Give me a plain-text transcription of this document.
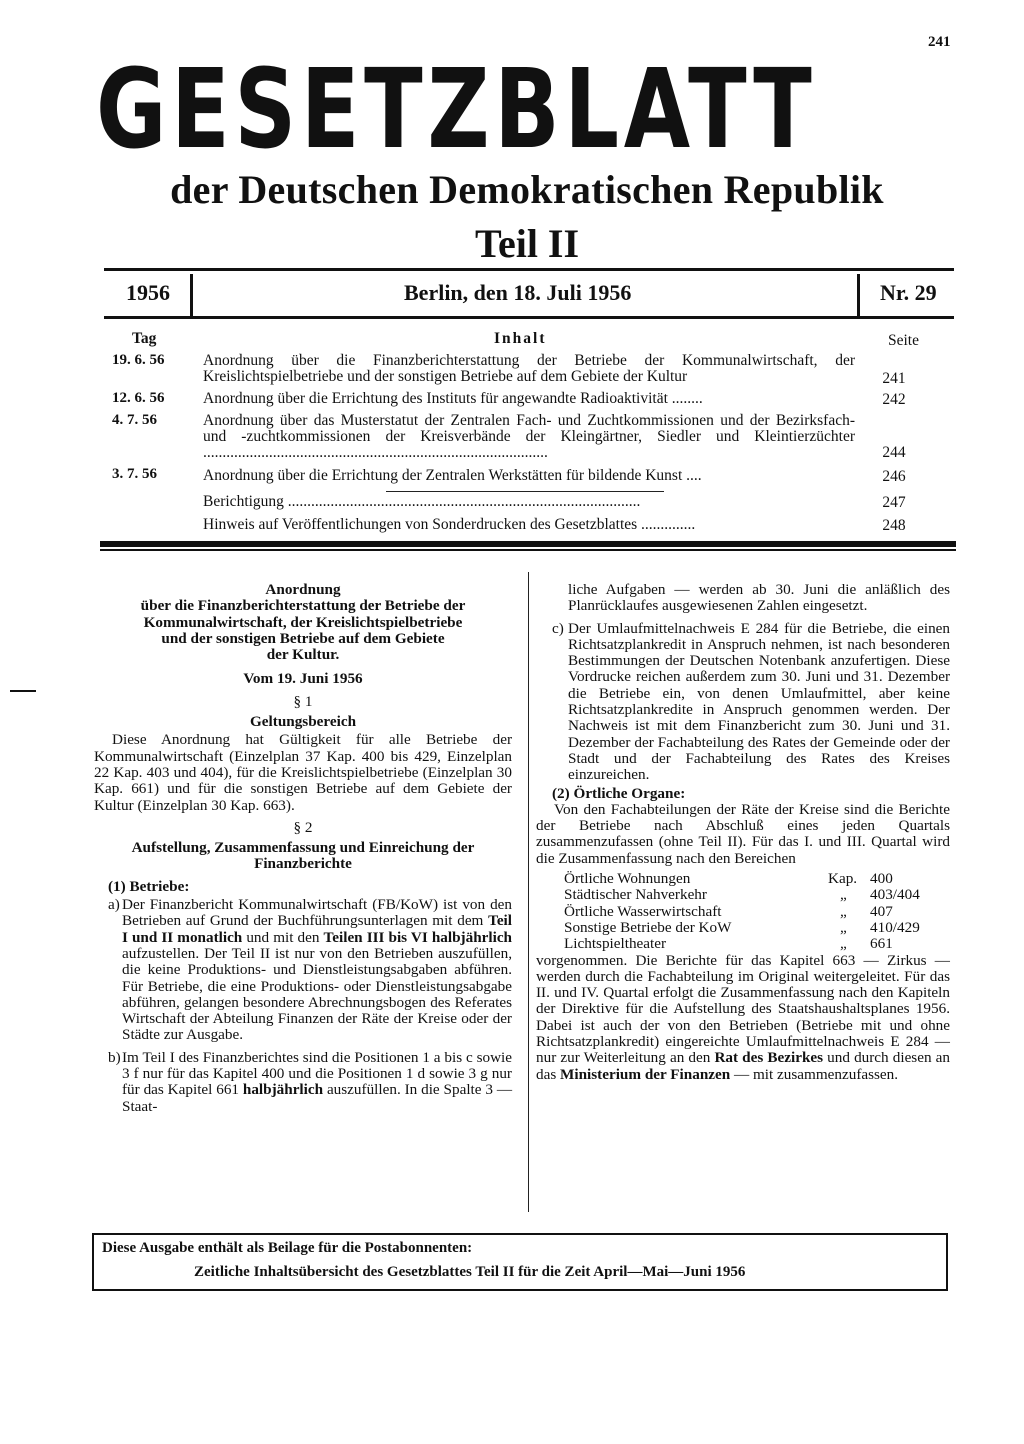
241
GESETZBLATT
der Deutschen Demokratischen Republik
Teil II
1956	Berlin, den 18. Juli 1956	Nr. 29
Tag	Inhalt	Seite
19. 6. 56	Anordnung über die Finanzberichterstattung der Betriebe der Kommunalwirtschaft, der Kreislichtspielbetriebe und der sonstigen Betriebe auf dem Gebiete der Kultur	241
12. 6. 56	Anordnung über die Errichtung des Instituts für angewandte Radioaktivität ........	242
4. 7. 56	Anordnung über das Musterstatut der Zentralen Fach- und Zuchtkommissionen und der Bezirksfach- und -zuchtkommissionen der Kreisverbände der Kleingärtner, Siedler und Kleintierzüchter .........................................................................................	244
3. 7. 56	Anordnung über die Errichtung der Zentralen Werkstätten für bildende Kunst ....	246
Berichtigung ...........................................................................................	247
Hinweis auf Veröffentlichungen von Sonderdrucken des Gesetzblattes ..............	248
Anordnung
über die Finanzberichterstattung der Betriebe der
Kommunalwirtschaft, der Kreislichtspielbetriebe
und der sonstigen Betriebe auf dem Gebiete
der Kultur.
Vom 19. Juni 1956
§ 1
Geltungsbereich
Diese Anordnung hat Gültigkeit für alle Betriebe der Kommunalwirtschaft (Einzelplan 37 Kap. 400 bis 429, Einzelplan 22 Kap. 403 und 404), für die Kreislichtspielbetriebe (Einzelplan 30 Kap. 661) und für die sonstigen Betriebe auf dem Gebiete der Kultur (Einzelplan 30 Kap. 663).
§ 2
Aufstellung, Zusammenfassung und Einreichung der Finanzberichte
(1) Betriebe:
a) Der Finanzbericht Kommunalwirtschaft (FB/KoW) ist von den Betrieben auf Grund der Buchführungsunterlagen mit dem Teil I und II monatlich und mit den Teilen III bis VI halbjährlich aufzustellen. Der Teil II ist nur von den Betrieben auszufüllen, die keine Produktions- und Dienstleistungsabgaben abführen. Für Betriebe, die eine Produktions- oder Dienstleistungsabgabe abführen, gelangen besondere Abrechnungsbogen des Referates Wirtschaft der Abteilung Finanzen der Räte der Kreise oder der Städte zur Ausgabe.
b) Im Teil I des Finanzberichtes sind die Positionen 1 a bis c sowie 3 f nur für das Kapitel 400 und die Positionen 1 d sowie 3 g nur für das Kapitel 661 halbjährlich auszufüllen. In die Spalte 3 — Staat-
liche Aufgaben — werden ab 30. Juni die anläßlich des Planrücklaufes ausgewiesenen Zahlen eingesetzt.
c) Der Umlaufmittelnachweis E 284 für die Betriebe, die einen Richtsatzplankredit in Anspruch nehmen, ist nach besonderen Bestimmungen der Deutschen Notenbank anzufertigen. Diese Vordrucke reichen außerdem zum 30. Juni und 31. Dezember die Betriebe ein, von denen Umlaufmittel, aber keine Richtsatzplankredite in Anspruch genommen werden. Der Nachweis ist mit dem Finanzbericht zum 30. Juni und 31. Dezember der Fachabteilung des Rates der Gemeinde oder der Stadt und der Fachabteilung des Rates des Kreises einzureichen.
(2) Örtliche Organe:
Von den Fachabteilungen der Räte der Kreise sind die Berichte der Betriebe nach Abschluß eines jeden Quartals zusammenzufassen (ohne Teil II). Für das I. und III. Quartal wird die Zusammenfassung nach den Bereichen
Örtliche Wohnungen	Kap. 400
Städtischer Nahverkehr	„ 403/404
Örtliche Wasserwirtschaft	„ 407
Sonstige Betriebe der KoW	„ 410/429
Lichtspieltheater	„ 661
vorgenommen. Die Berichte für das Kapitel 663 — Zirkus — werden durch die Fachabteilung im Original weitergeleitet. Für das II. und IV. Quartal erfolgt die Zusammenfassung nach den Kapiteln der Direktive für die Aufstellung des Staatshaushaltsplanes 1956. Dabei ist auch der von den Betrieben (Betriebe mit und ohne Richtsatzplankredit) eingereichte Umlaufmittelnachweis E 284 — nur zur Weiterleitung an den Rat des Bezirkes und durch diesen an das Ministerium der Finanzen — mit zusammenzufassen.
Diese Ausgabe enthält als Beilage für die Postabonnenten:
Zeitliche Inhaltsübersicht des Gesetzblattes Teil II für die Zeit April—Mai—Juni 1956
